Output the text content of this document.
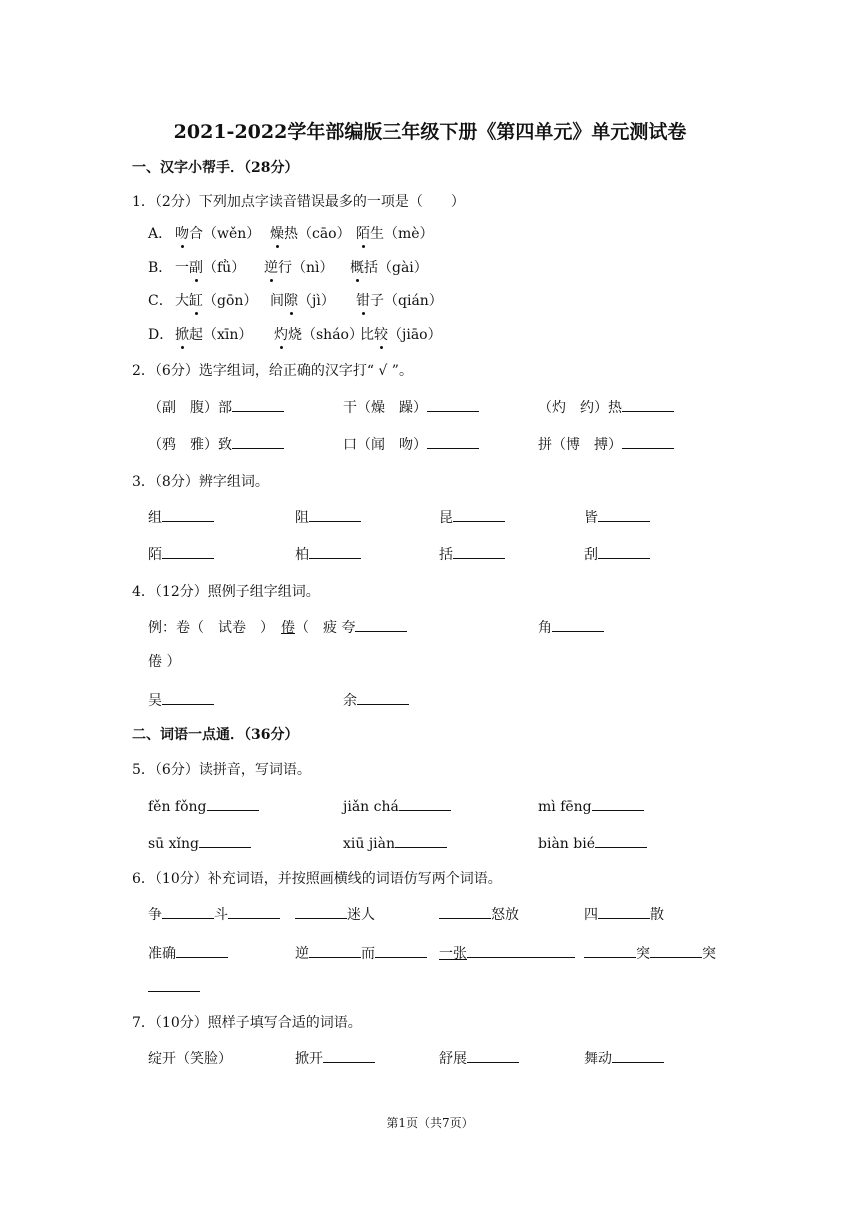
2021-2022学年部编版三年级下册《第四单元》单元测试卷
一、汉字小帮手．（28分）
1．（2分）下列加点字读音错误最多的一项是（　　）
A． 吻合（wěn） 燥热（cāo） 陌生（mè）
B． 一副（fǜ） 逆行（nì） 概括（gài）
C． 大缸（gōn） 间隙（jì） 钳子（qián）
D． 掀起（xīn） 灼烧（sháo）
比较（jiāo）
2．（6分）选字组词，给正确的汉字打“ √ ”。
（副　腹）部	干（燥　躁）	（灼　约）热
（鸦　雅）致	口（闻　吻）	拼（博　搏）
3．（8分）辨字组词。
组	阻	昆	皆
陌	柏	括	刮
4．（12分）照例子组字组词。
例：卷（　试卷　）　 倦（　疲 夸	角
倦 ）
吴	余
二、词语一点通．（36分）
5．（6分）读拼音，写词语。
fěn fǒng	jiǎn chá	mì fēng
sū xǐng	xiū jiàn	biàn bié
6．（10分）补充词语，并按照画横线的词语仿写两个词语。
争	斗	迷人	怒放	四	散
准确	逆	而	一张	突	突
7．（10分）照样子填写合适的词语。
绽开（笑脸）	掀开	舒展	舞动
第1页（共7页）
